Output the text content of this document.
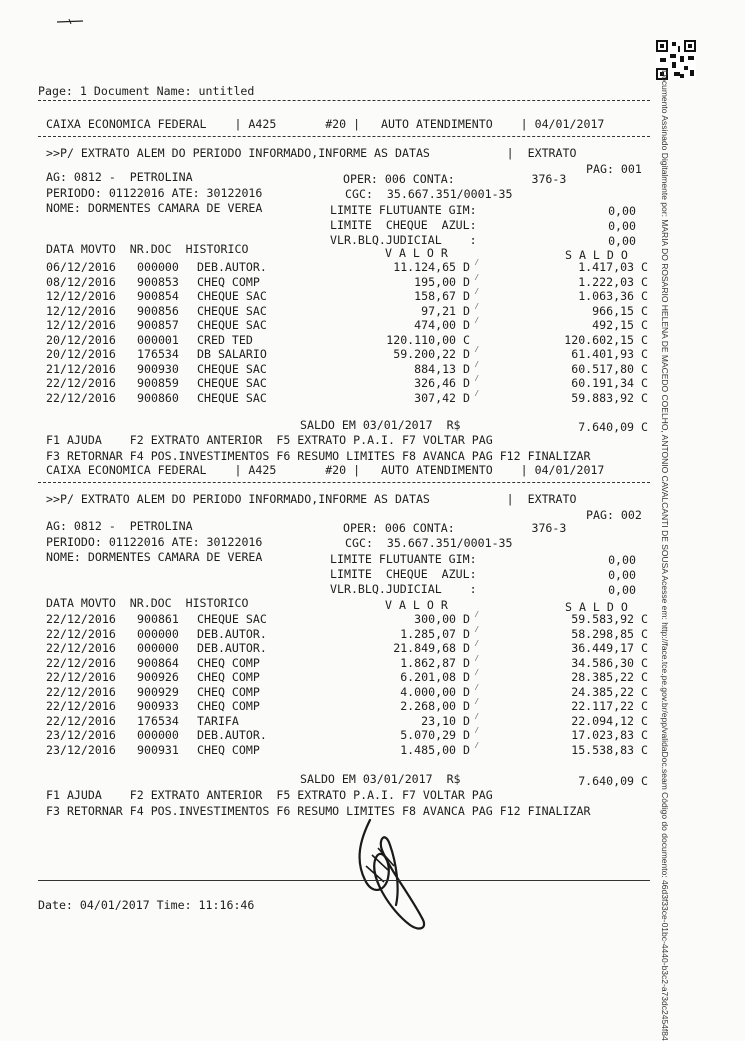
Page: 1 Document Name: untitled	Documento Assinado Digitalmente por: MARIA DO ROSARIO HELENA DE MACEDO COELHO, ANTONIO CAVALCANTI DE SOUSA Acesse em: http://face.tce.pe.gov.br/epp/validaDoc.seam Código do documento: 46d3f33ce-01bc-4440-b3c2-a73dc2454f84
CAIXA ECONOMICA FEDERAL    | A425       #20 |   AUTO ATENDIMENTO    | 04/01/2017
>>P/ EXTRATO ALEM DO PERIODO INFORMADO,INFORME AS DATAS           |  EXTRATO
PAG: 001
AG: 0812 -  PETROLINA	OPER: 006 CONTA:           376-3
PERIODO: 01122016 ATE: 30122016	CGC:  35.667.351/0001-35
NOME: DORMENTES CAMARA DE VEREA	LIMITE FLUTUANTE GIM:	0,00
LIMITE  CHEQUE  AZUL:	0,00
VLR.BLQ.JUDICIAL    :	0,00
DATA MOVTO  NR.DOC  HISTORICO	V A L O R	S A L D O
06/12/2016 000000 DEB.AUTOR.	11.124,65 D	1.417,03 C
⁄
08/12/2016 900853 CHEQ COMP	195,00 D	1.222,03 C
⁄
12/12/2016 900854 CHEQUE SAC	158,67 D	1.063,36 C
⁄
12/12/2016 900856 CHEQUE SAC	97,21 D	966,15 C
⁄
12/12/2016 900857 CHEQUE SAC	474,00 D	492,15 C
⁄
20/12/2016 000001 CRED TED	120.110,00 C	120.602,15 C
20/12/2016 176534 DB SALARIO	59.200,22 D	61.401,93 C
⁄
21/12/2016 900930 CHEQUE SAC	884,13 D	60.517,80 C
⁄
22/12/2016 900859 CHEQUE SAC	326,46 D	60.191,34 C
⁄
22/12/2016 900860 CHEQUE SAC	307,42 D	59.883,92 C
⁄
SALDO EM 03/01/2017  R$	7.640,09 C
F1 AJUDA    F2 EXTRATO ANTERIOR  F5 EXTRATO P.A.I. F7 VOLTAR PAG
F3 RETORNAR F4 POS.INVESTIMENTOS F6 RESUMO LIMITES F8 AVANCA PAG F12 FINALIZAR
CAIXA ECONOMICA FEDERAL    | A425       #20 |   AUTO ATENDIMENTO    | 04/01/2017
>>P/ EXTRATO ALEM DO PERIODO INFORMADO,INFORME AS DATAS           |  EXTRATO
PAG: 002
AG: 0812 -  PETROLINA	OPER: 006 CONTA:           376-3
PERIODO: 01122016 ATE: 30122016	CGC:  35.667.351/0001-35
NOME: DORMENTES CAMARA DE VEREA	LIMITE FLUTUANTE GIM:	0,00
LIMITE  CHEQUE  AZUL:	0,00
VLR.BLQ.JUDICIAL    :	0,00
DATA MOVTO  NR.DOC  HISTORICO	V A L O R	S A L D O
22/12/2016 900861 CHEQUE SAC	300,00 D	59.583,92 C
⁄
22/12/2016 000000 DEB.AUTOR.	1.285,07 D	58.298,85 C
⁄
22/12/2016 000000 DEB.AUTOR.	21.849,68 D	36.449,17 C
⁄
22/12/2016 900864 CHEQ COMP	1.862,87 D	34.586,30 C
⁄
22/12/2016 900926 CHEQ COMP	6.201,08 D	28.385,22 C
⁄
22/12/2016 900929 CHEQ COMP	4.000,00 D	24.385,22 C
⁄
22/12/2016 900933 CHEQ COMP	2.268,00 D	22.117,22 C
⁄
22/12/2016 176534 TARIFA	23,10 D	22.094,12 C
⁄
23/12/2016 000000 DEB.AUTOR.	5.070,29 D	17.023,83 C
⁄
23/12/2016 900931 CHEQ COMP	1.485,00 D	15.538,83 C
⁄
SALDO EM 03/01/2017  R$	7.640,09 C
F1 AJUDA    F2 EXTRATO ANTERIOR  F5 EXTRATO P.A.I. F7 VOLTAR PAG
F3 RETORNAR F4 POS.INVESTIMENTOS F6 RESUMO LIMITES F8 AVANCA PAG F12 FINALIZAR
Date: 04/01/2017 Time: 11:16:46
